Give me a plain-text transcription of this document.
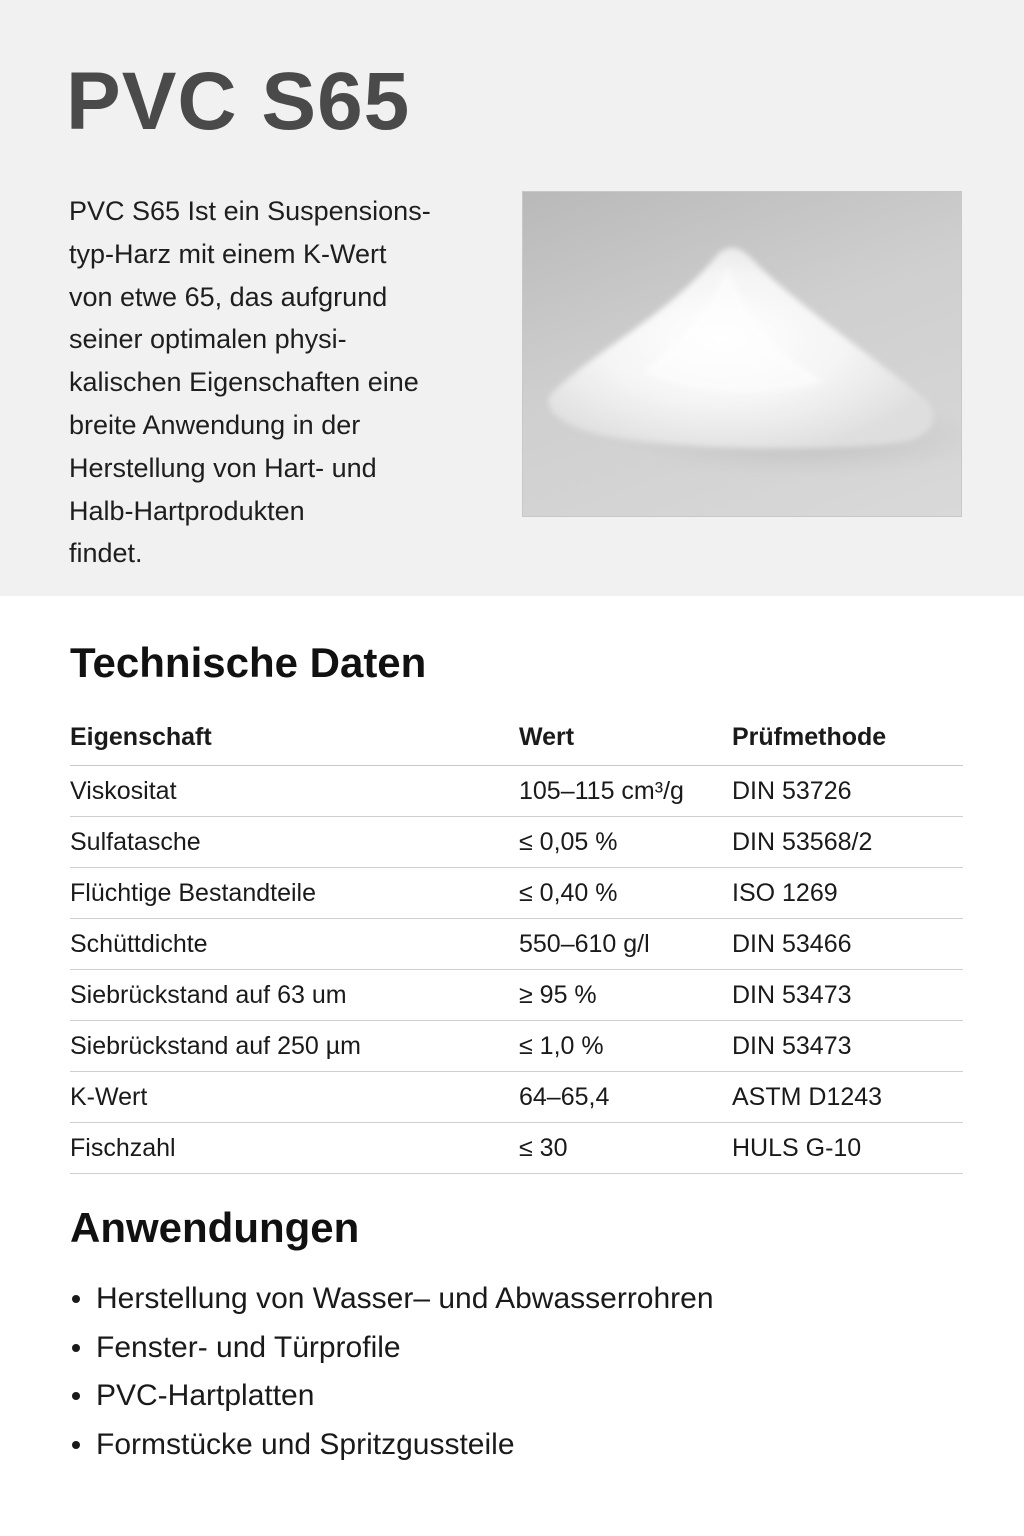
PVC S65

PVC S65 Ist ein Suspensions-
typ-Harz mit einem K-Wert
von etwe 65, das aufgrund
seiner optimalen physi-
kalischen Eigenschaften eine
breite Anwendung in der
Herstellung von Hart- und
Halb-Hartprodukten
findet.

Technische Daten
Eigenschaft	Wert	Prüfmethode
Viskositat	105–115 cm³/g	DIN 53726
Sulfatasche	≤ 0,05 %	DIN 53568/2
Flüchtige Bestandteile	≤ 0,40 %	ISO 1269
Schüttdichte	550–610 g/l	DIN 53466
Siebrückstand auf 63 um	≥ 95 %	DIN 53473
Siebrückstand auf 250 µm	≤ 1,0 %	DIN 53473
K-Wert	64–65,4	ASTM D1243
Fischzahl	≤ 30	HULS G-10
Anwendungen
Herstellung von Wasser– und Abwasserrohren
Fenster- und Türprofile
PVC-Hartplatten
Formstücke und Spritzgussteile
